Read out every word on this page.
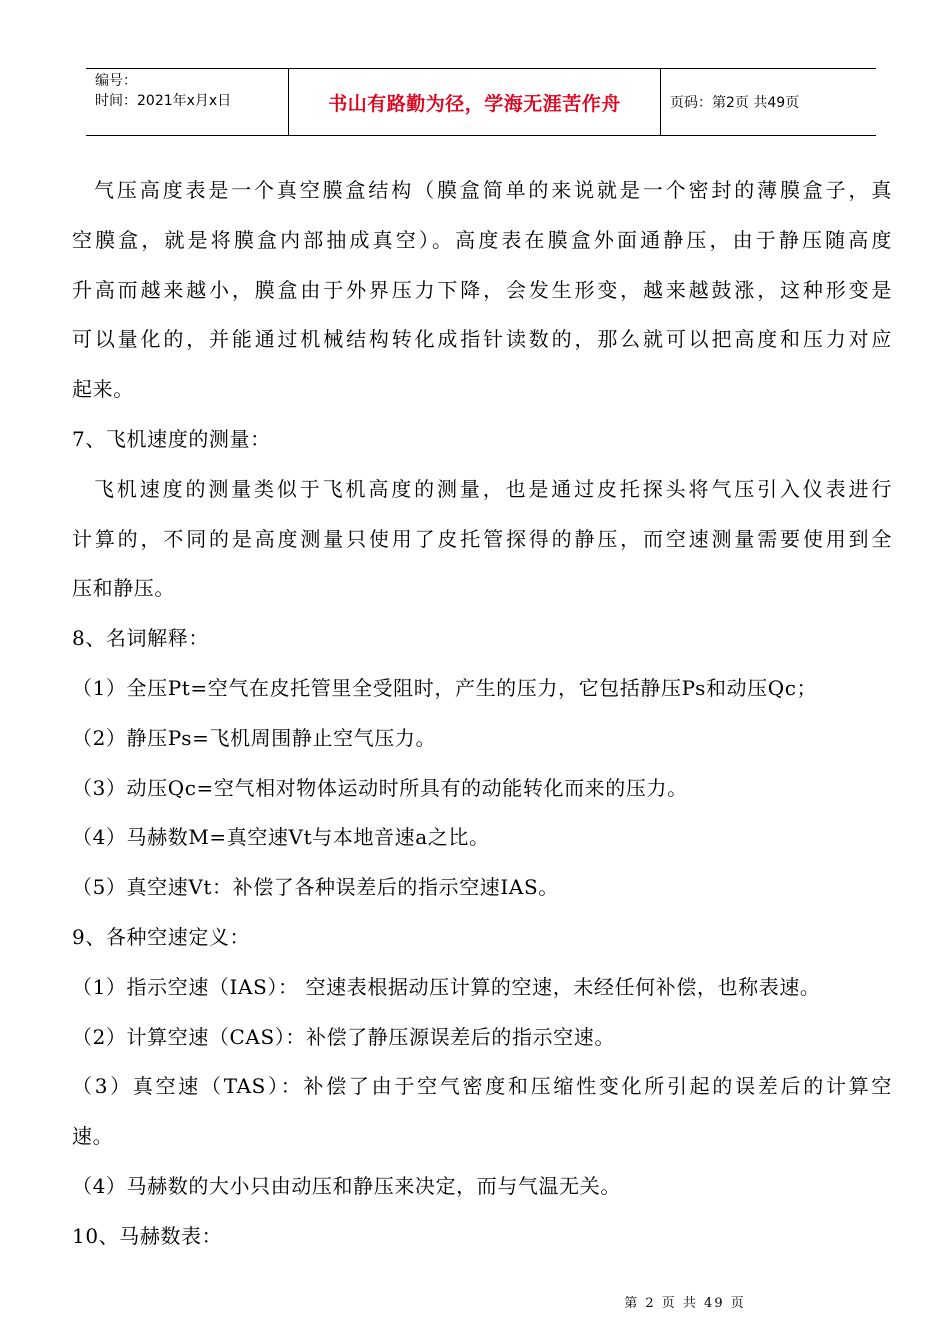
编号：
时间：2021年x月x日	书山有路勤为径，学海无涯苦作舟	页码：第2页 共49页
气压高度表是一个真空膜盒结构（膜盒简单的来说就是一个密封的薄膜盒子，真
空膜盒，就是将膜盒内部抽成真空）。高度表在膜盒外面通静压，由于静压随高度
升高而越来越小，膜盒由于外界压力下降，会发生形变，越来越鼓涨，这种形变是
可以量化的，并能通过机械结构转化成指针读数的，那么就可以把高度和压力对应
起来。
7、飞机速度的测量：
飞机速度的测量类似于飞机高度的测量，也是通过皮托探头将气压引入仪表进行
计算的，不同的是高度测量只使用了皮托管探得的静压，而空速测量需要使用到全
压和静压。
8、名词解释：
（1）全压Pt=空气在皮托管里全受阻时，产生的压力，它包括静压Ps和动压Qc；
（2）静压Ps=飞机周围静止空气压力。
（3）动压Qc=空气相对物体运动时所具有的动能转化而来的压力。
（4）马赫数M=真空速Vt与本地音速a之比。
（5）真空速Vt：补偿了各种误差后的指示空速IAS。
9、各种空速定义：
（1）指示空速（IAS）： 空速表根据动压计算的空速，未经任何补偿，也称表速。
（2）计算空速（CAS）：补偿了静压源误差后的指示空速。
（3）真空速（TAS）：补偿了由于空气密度和压缩性变化所引起的误差后的计算空
速。
（4）马赫数的大小只由动压和静压来决定，而与气温无关。
10、马赫数表：
第 2 页 共 49 页
